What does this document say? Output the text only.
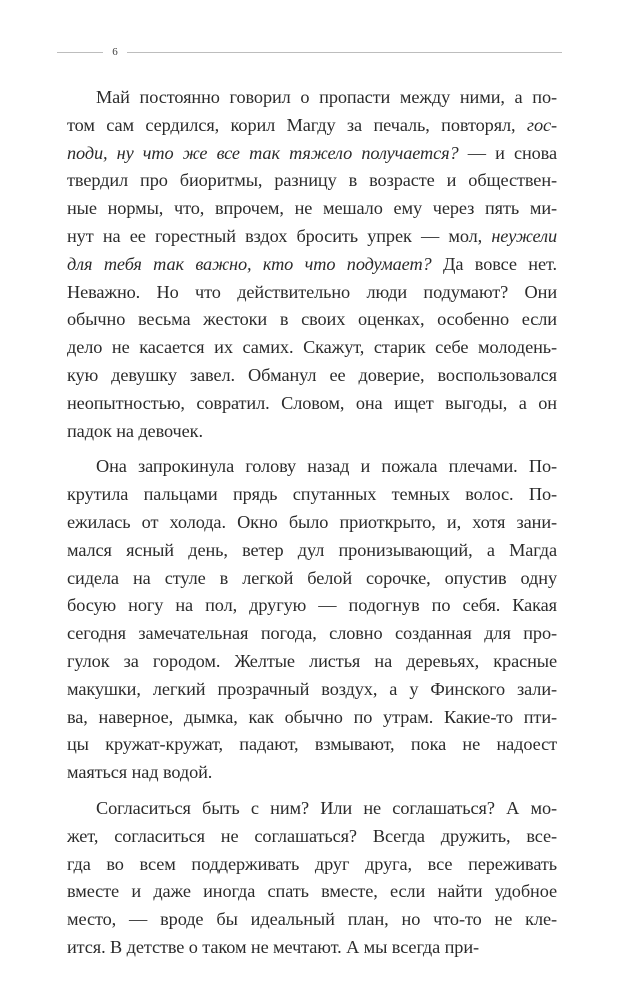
6
Май постоянно говорил о пропасти между ними, а по-
том сам сердился, корил Магду за печаль, повторял, гос-
поди, ну что же все так тяжело получается? — и снова
твердил про биоритмы, разницу в возрасте и обществен-
ные нормы, что, впрочем, не мешало ему через пять ми-
нут на ее горестный вздох бросить упрек — мол, неужели
для тебя так важно, кто что подумает? Да вовсе нет.
Неважно. Но что действительно люди подумают? Они
обычно весьма жестоки в своих оценках, особенно если
дело не касается их самих. Скажут, старик себе молодень-
кую девушку завел. Обманул ее доверие, воспользовался
неопытностью, совратил. Словом, она ищет выгоды, а он
падок на девочек.
Она запрокинула голову назад и пожала плечами. По-
крутила пальцами прядь спутанных темных волос. По-
ежилась от холода. Окно было приоткрыто, и, хотя зани-
мался ясный день, ветер дул пронизывающий, а Магда
сидела на стуле в легкой белой сорочке, опустив одну
босую ногу на пол, другую — подогнув по себя. Какая
сегодня замечательная погода, словно созданная для про-
гулок за городом. Желтые листья на деревьях, красные
макушки, легкий прозрачный воздух, а у Финского зали-
ва, наверное, дымка, как обычно по утрам. Какие-то пти-
цы кружат-кружат, падают, взмывают, пока не надоест
маяться над водой.
Согласиться быть с ним? Или не соглашаться? А мо-
жет, согласиться не соглашаться? Всегда дружить, все-
гда во всем поддерживать друг друга, все переживать
вместе и даже иногда спать вместе, если найти удобное
место, — вроде бы идеальный план, но что-то не кле-
ится. В детстве о таком не мечтают. А мы всегда при-
